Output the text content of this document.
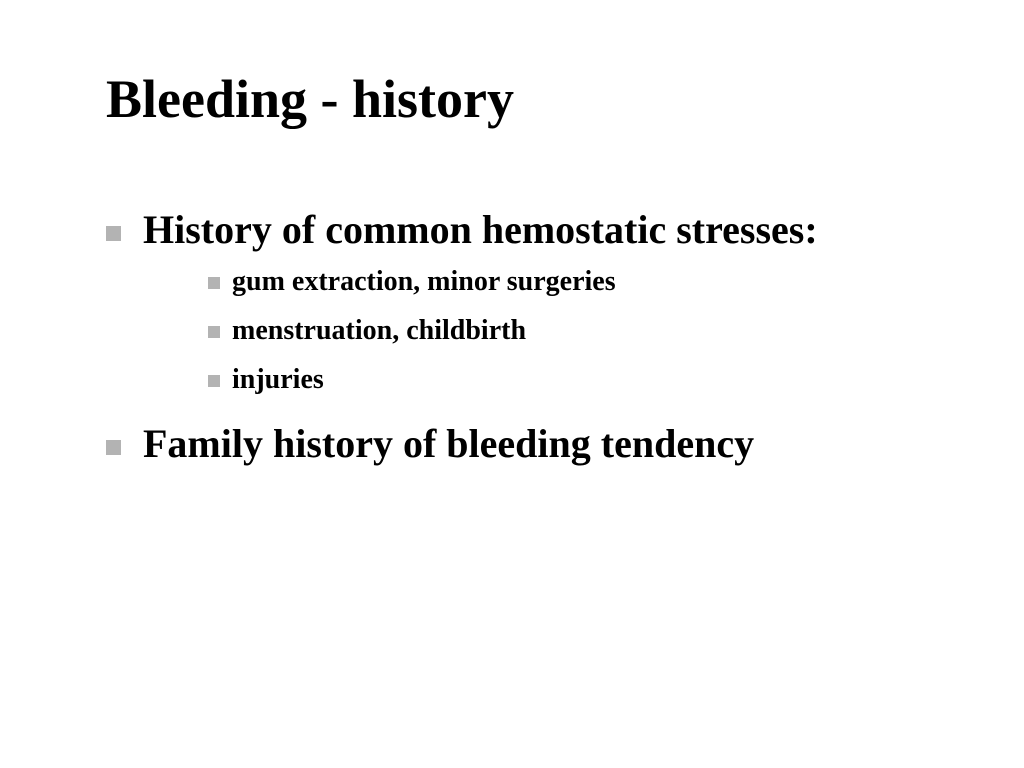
Bleeding - history
History of common hemostatic stresses:
gum extraction, minor surgeries
menstruation, childbirth
injuries
Family history of bleeding tendency
